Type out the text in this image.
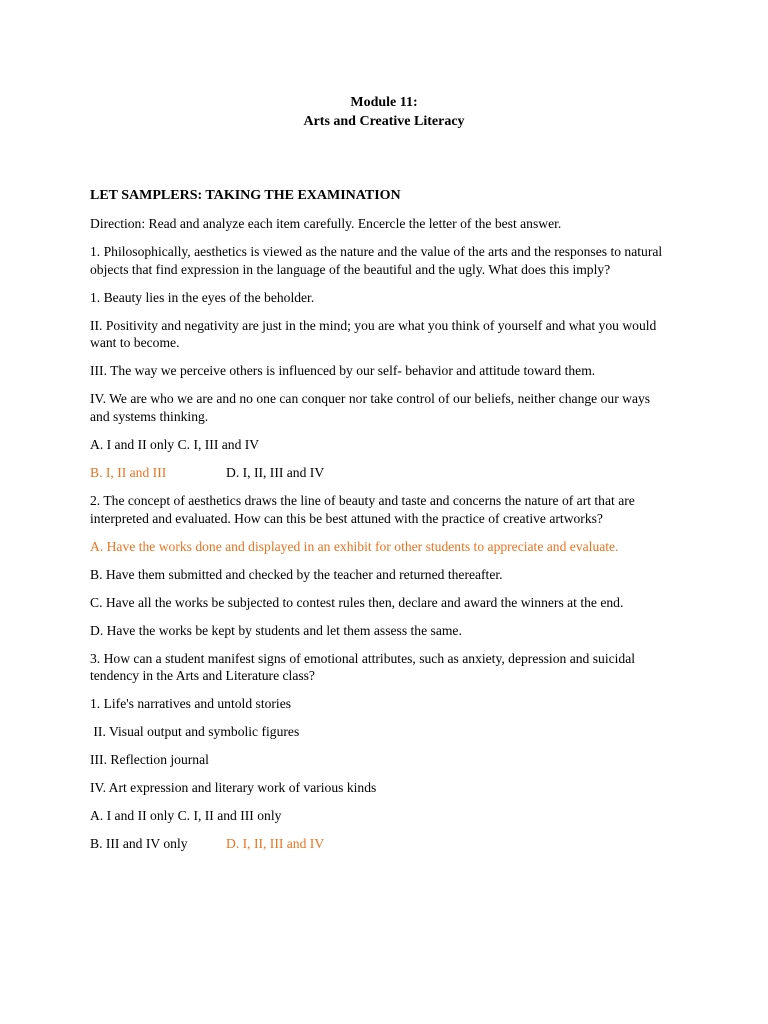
Module 11:

Arts and Creative Literacy

LET SAMPLERS: TAKING THE EXAMINATION

Direction: Read and analyze each item carefully. Encercle the letter of the best answer.

1. Philosophically, aesthetics is viewed as the nature and the value of the arts and the responses to natural

objects that find expression in the language of the beautiful and the ugly. What does this imply?

1. Beauty lies in the eyes of the beholder.

II. Positivity and negativity are just in the mind; you are what you think of yourself and what you would

want to become.

III. The way we perceive others is influenced by our self- behavior and attitude toward them.

IV. We are who we are and no one can conquer nor take control of our beliefs, neither change our ways

and systems thinking.

A. I and II only C. I, III and IV

B. I, II and III	D. I, II, III and IV

2. The concept of aesthetics draws the line of beauty and taste and concerns the nature of art that are

interpreted and evaluated. How can this be best attuned with the practice of creative artworks?

A. Have the works done and displayed in an exhibit for other students to appreciate and evaluate.

B. Have them submitted and checked by the teacher and returned thereafter.

C. Have all the works be subjected to contest rules then, declare and award the winners at the end.

D. Have the works be kept by students and let them assess the same.

3. How can a student manifest signs of emotional attributes, such as anxiety, depression and suicidal

tendency in the Arts and Literature class?

1. Life's narratives and untold stories

II. Visual output and symbolic figures

III. Reflection journal

IV. Art expression and literary work of various kinds

A. I and II only C. I, II and III only

B. III and IV only	D. I, II, III and IV
